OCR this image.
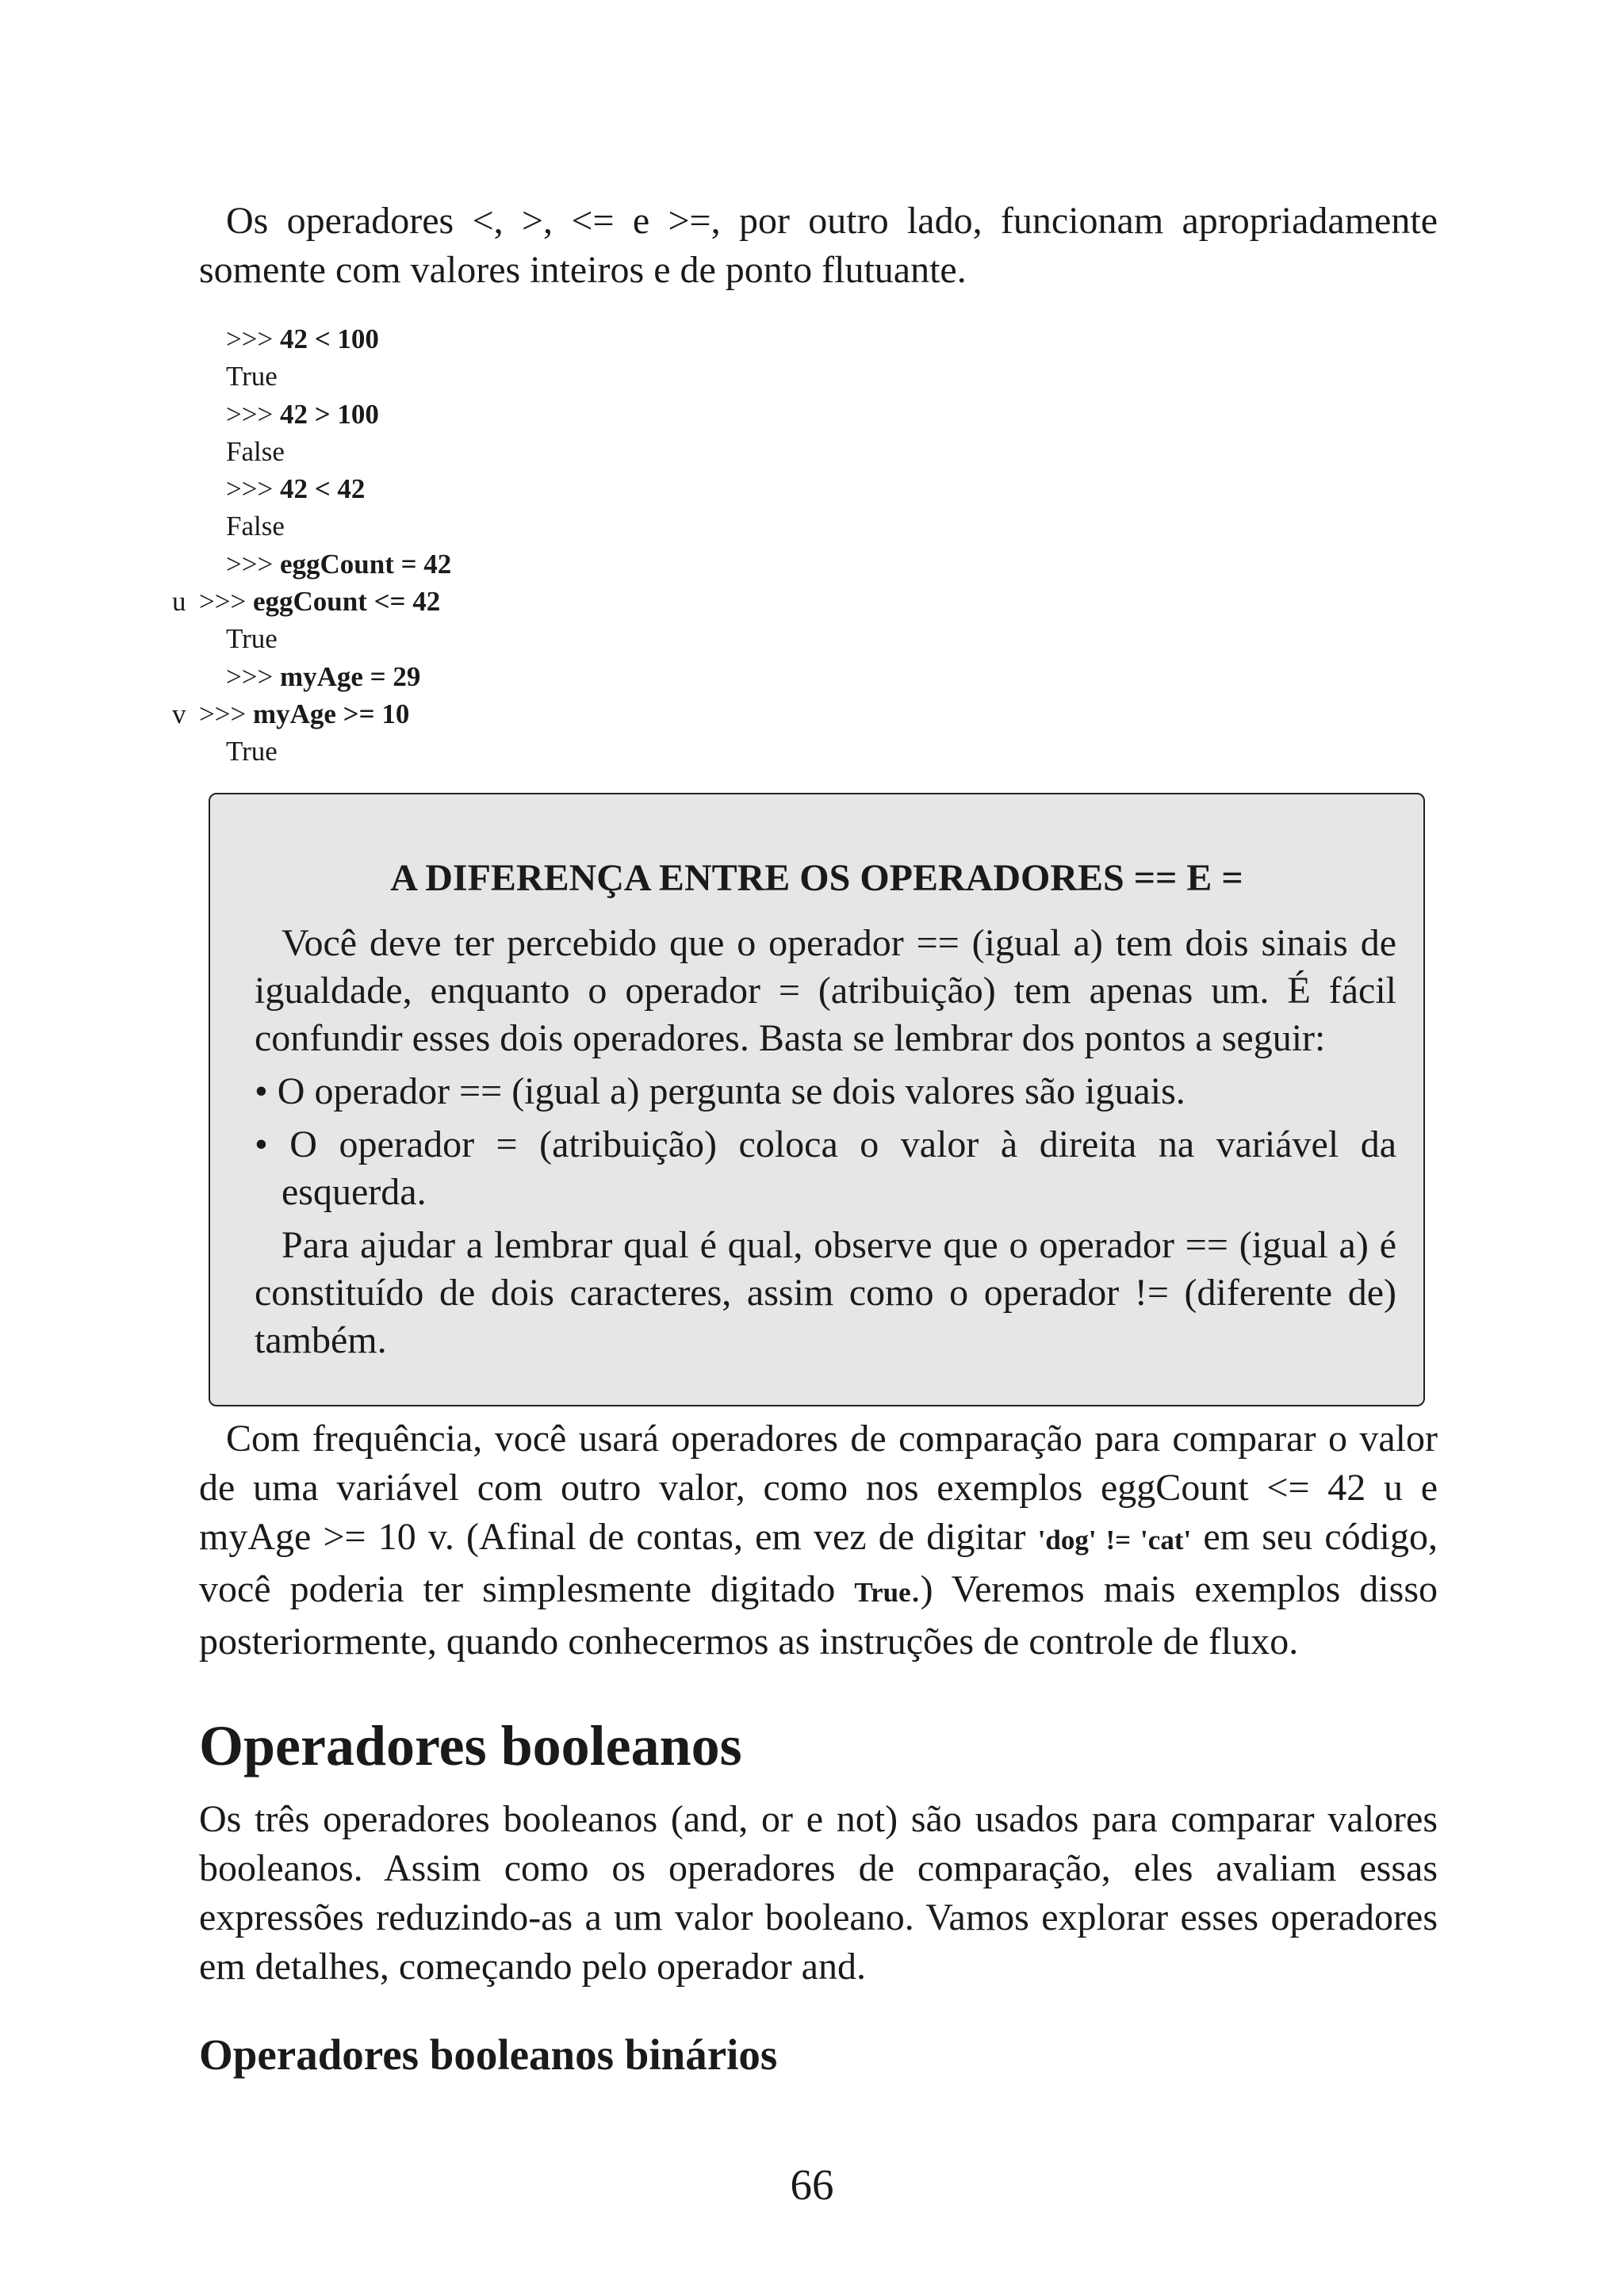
Os operadores <, >, <= e >=, por outro lado, funcionam apropriadamente somente com valores inteiros e de ponto flutuante.

>>> 42 < 100
True
>>> 42 > 100
False
>>> 42 < 42
False
>>> eggCount = 42
u >>> eggCount <= 42
True
>>> myAge = 29
v >>> myAge >= 10
True
A DIFERENÇA ENTRE OS OPERADORES == E =

Você deve ter percebido que o operador == (igual a) tem dois sinais de igualdade, enquanto o operador = (atribuição) tem apenas um. É fácil confundir esses dois operadores. Basta se lembrar dos pontos a seguir:

• O operador == (igual a) pergunta se dois valores são iguais.

• O operador = (atribuição) coloca o valor à direita na variável da esquerda.

Para ajudar a lembrar qual é qual, observe que o operador == (igual a) é constituído de dois caracteres, assim como o operador != (diferente de) também.

Com frequência, você usará operadores de comparação para comparar o valor de uma variável com outro valor, como nos exemplos eggCount <= 42 u e myAge >= 10 v. (Afinal de contas, em vez de digitar 'dog' != 'cat' em seu código, você poderia ter simplesmente digitado True.) Veremos mais exemplos disso posteriormente, quando conhecermos as instruções de controle de fluxo.

Operadores booleanos

Os três operadores booleanos (and, or e not) são usados para comparar valores booleanos. Assim como os operadores de comparação, eles avaliam essas expressões reduzindo-as a um valor booleano. Vamos explorar esses operadores em detalhes, começando pelo operador and.

Operadores booleanos binários
66
